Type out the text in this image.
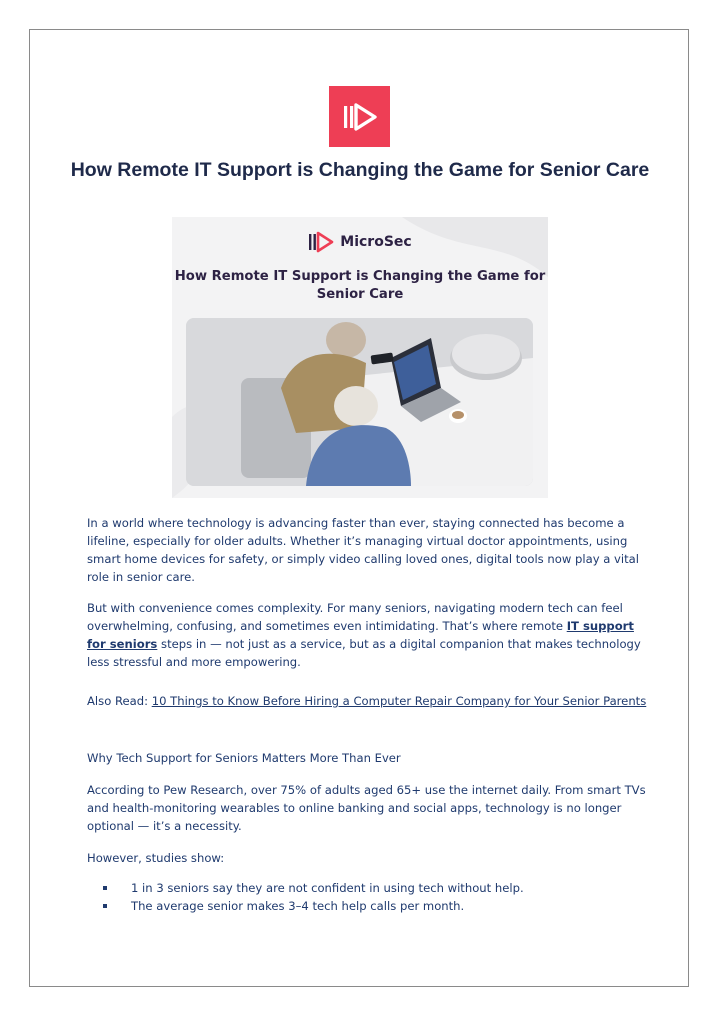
How Remote IT Support is Changing the Game for Senior Care
MicroSec
How Remote IT Support is Changing the Game for Senior Care

In a world where technology is advancing faster than ever, staying connected has become a lifeline, especially for older adults. Whether it’s managing virtual doctor appointments, using smart home devices for safety, or simply video calling loved ones, digital tools now play a vital role in senior care.

But with convenience comes complexity. For many seniors, navigating modern tech can feel overwhelming, confusing, and sometimes even intimidating. That’s where remote IT support for seniors steps in — not just as a service, but as a digital companion that makes technology less stressful and more empowering.

Also Read: 10 Things to Know Before Hiring a Computer Repair Company for Your Senior Parents

Why Tech Support for Seniors Matters More Than Ever

According to Pew Research, over 75% of adults aged 65+ use the internet daily. From smart TVs and health-monitoring wearables to online banking and social apps, technology is no longer optional — it’s a necessity.

However, studies show:

1 in 3 seniors say they are not confident in using tech without help.
The average senior makes 3–4 tech help calls per month.
